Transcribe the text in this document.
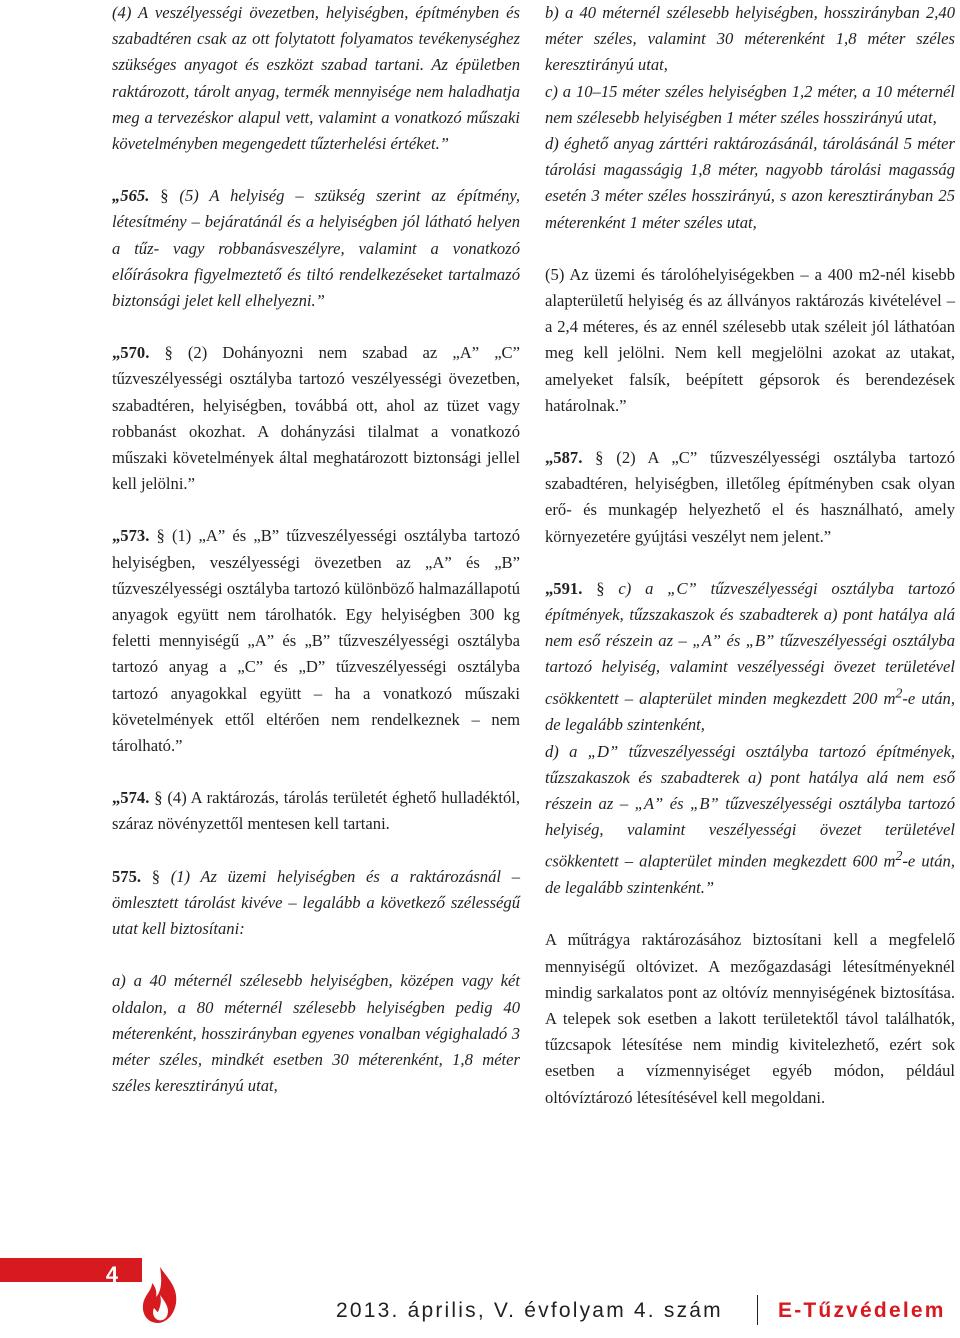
(4) A veszélyességi övezetben, helyiségben, építményben és szabadtéren csak az ott folytatott folyamatos tevékenységhez szükséges anyagot és eszközt szabad tartani. Az épületben raktározott, tárolt anyag, termék mennyisége nem haladhatja meg a tervezéskor alapul vett, valamint a vonatkozó műszaki követelményben megengedett tűzterhelési értéket.”

„565. § (5) A helyiség – szükség szerint az építmény, létesítmény – bejáratánál és a helyiségben jól látható helyen a tűz- vagy robbanásveszélyre, valamint a vonatkozó előírásokra figyelmeztető és tiltó rendelkezéseket tartalmazó biztonsági jelet kell elhelyezni.”

„570. § (2) Dohányozni nem szabad az „A” „C” tűzveszélyességi osztályba tartozó veszélyességi övezetben, szabadtéren, helyiségben, továbbá ott, ahol az tüzet vagy robbanást okozhat. A dohányzási tilalmat a vonatkozó műszaki követelmények által meghatározott biztonsági jellel kell jelölni.”

„573. § (1) „A” és „B” tűzveszélyességi osztályba tartozó helyiségben, veszélyességi övezetben az „A” és „B” tűzveszélyességi osztályba tartozó különböző halmazállapotú anyagok együtt nem tárolhatók. Egy helyiségben 300 kg feletti mennyiségű „A” és „B” tűzveszélyességi osztályba tartozó anyag a „C” és „D” tűzveszélyességi osztályba tartozó anyagokkal együtt – ha a vonatkozó műszaki követelmények ettől eltérően nem rendelkeznek – nem tárolható.”

„574. § (4) A raktározás, tárolás területét éghető hulladéktól, száraz növényzettől mentesen kell tartani.

575. § (1) Az üzemi helyiségben és a raktározásnál – ömlesztett tárolást kivéve – legalább a következő szélességű utat kell biztosítani:

a) a 40 méternél szélesebb helyiségben, középen vagy két oldalon, a 80 méternél szélesebb helyiségben pedig 40 méterenként, hosszirányban egyenes vonalban végighaladó 3 méter széles, mindkét esetben 30 méterenként, 1,8 méter széles keresztirányú utat,

b) a 40 méternél szélesebb helyiségben, hosszirányban 2,40 méter széles, valamint 30 méterenként 1,8 méter széles keresztirányú utat,

c) a 10–15 méter széles helyiségben 1,2 méter, a 10 méternél nem szélesebb helyiségben 1 méter széles hosszirányú utat,

d) éghető anyag zárttéri raktározásánál, tárolásánál 5 méter tárolási magasságig 1,8 méter, nagyobb tárolási magasság esetén 3 méter széles hosszirányú, s azon keresztirányban 25 méterenként 1 méter széles utat,

(5) Az üzemi és tárolóhelyiségekben – a 400 m2-nél kisebb alapterületű helyiség és az állványos raktározás kivételével – a 2,4 méteres, és az ennél szélesebb utak széleit jól láthatóan meg kell jelölni. Nem kell megjelölni azokat az utakat, amelyeket falsík, beépített gépsorok és berendezések határolnak.”

„587. § (2) A „C” tűzveszélyességi osztályba tartozó szabadtéren, helyiségben, illetőleg építményben csak olyan erő- és munkagép helyezhető el és használható, amely környezetére gyújtási veszélyt nem jelent.”

„591. § c) a „C” tűzveszélyességi osztályba tartozó építmények, tűzszakaszok és szabadterek a) pont hatálya alá nem eső részein az – „A” és „B” tűzveszélyességi osztályba tartozó helyiség, valamint veszélyességi övezet területével csökkentett – alapterület minden megkezdett 200 $m^2-e$ után, de legalább szintenként,

d) a „D” tűzveszélyességi osztályba tartozó építmények, tűzszakaszok és szabadterek a) pont hatálya alá nem eső részein az – „A” és „B” tűzveszélyességi osztályba tartozó helyiség, valamint veszélyességi övezet területével csökkentett – alapterület minden megkezdett 600 $m^2-e$ után, de legalább szintenként.”

A műtrágya raktározásához biztosítani kell a megfelelő mennyiségű oltóvizet. A mezőgazdasági létesítményeknél mindig sarkalatos pont az oltóvíz mennyiségének biztosítása. A telepek sok esetben a lakott területektől távol találhatók, tűzcsapok létesítése nem mindig kivitelezhető, ezért sok esetben a vízmennyiséget egyéb módon, például oltóvíztározó létesítésével kell megoldani.

4
2013. április, V. évfolyam 4. szám	E-Tűzvédelem
